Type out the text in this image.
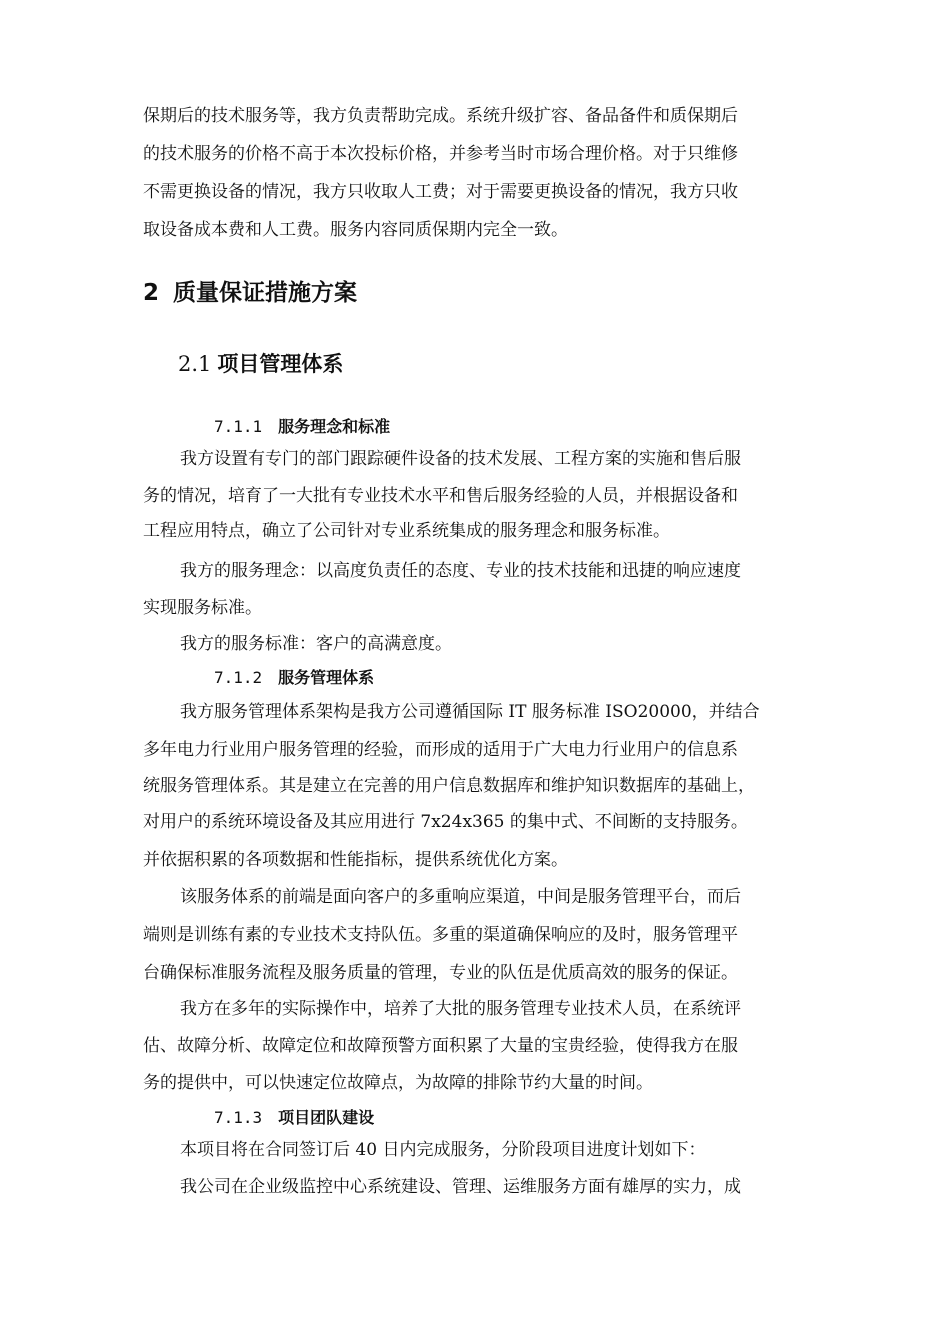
保期后的技术服务等，我方负责帮助完成。系统升级扩容、备品备件和质保期后
的技术服务的价格不高于本次投标价格，并参考当时市场合理价格。对于只维修
不需更换设备的情况，我方只收取人工费；对于需要更换设备的情况，我方只收
取设备成本费和人工费。服务内容同质保期内完全一致。
2 质量保证措施方案
2.1 项目管理体系
7.1.1 服务理念和标准
我方设置有专门的部门跟踪硬件设备的技术发展、工程方案的实施和售后服
务的情况，培育了一大批有专业技术水平和售后服务经验的人员，并根据设备和
工程应用特点，确立了公司针对专业系统集成的服务理念和服务标准。
我方的服务理念：以高度负责任的态度、专业的技术技能和迅捷的响应速度
实现服务标准。
我方的服务标准：客户的高满意度。
7.1.2 服务管理体系
我方服务管理体系架构是我方公司遵循国际 IT 服务标准 ISO20000，并结合
多年电力行业用户服务管理的经验，而形成的适用于广大电力行业用户的信息系
统服务管理体系。其是建立在完善的用户信息数据库和维护知识数据库的基础上，
对用户的系统环境设备及其应用进行 7x24x365 的集中式、不间断的支持服务。
并依据积累的各项数据和性能指标，提供系统优化方案。
该服务体系的前端是面向客户的多重响应渠道，中间是服务管理平台，而后
端则是训练有素的专业技术支持队伍。多重的渠道确保响应的及时，服务管理平
台确保标准服务流程及服务质量的管理，专业的队伍是优质高效的服务的保证。
我方在多年的实际操作中，培养了大批的服务管理专业技术人员，在系统评
估、故障分析、故障定位和故障预警方面积累了大量的宝贵经验，使得我方在服
务的提供中，可以快速定位故障点，为故障的排除节约大量的时间。
7.1.3 项目团队建设
本项目将在合同签订后 40 日内完成服务，分阶段项目进度计划如下：
我公司在企业级监控中心系统建设、管理、运维服务方面有雄厚的实力，成
